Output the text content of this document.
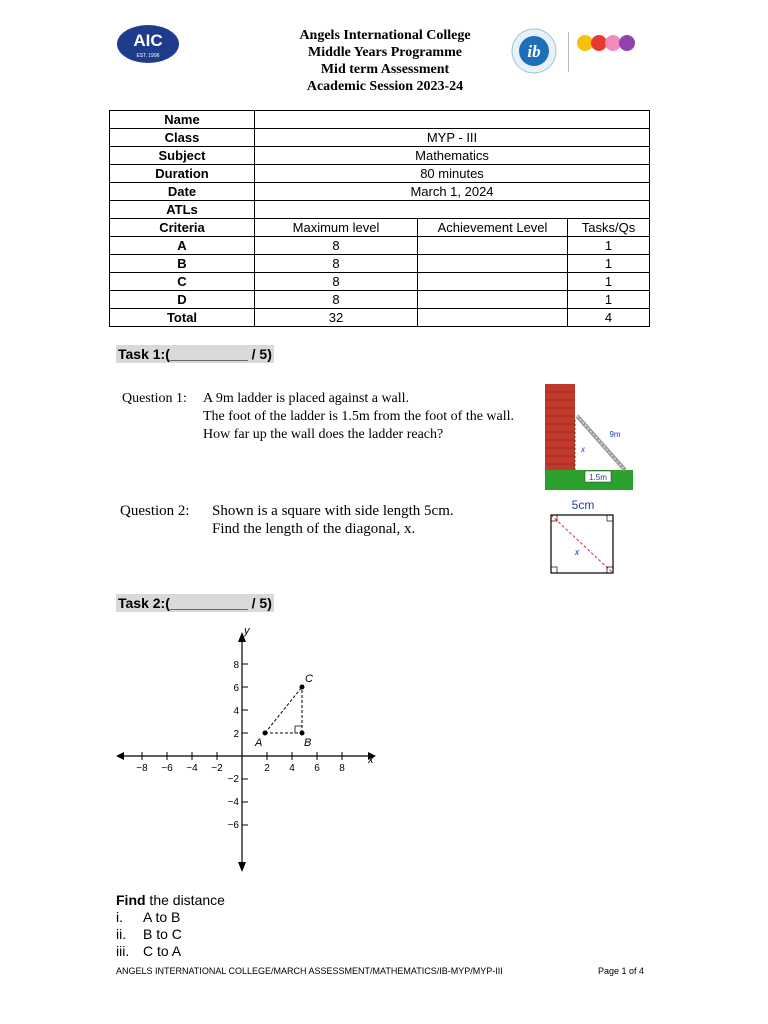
AIC
EST. 1996
Angels International College
Middle Years Programme
Mid term Assessment
Academic Session 2023-24
ib
Name			
Class	MYP - III		
Subject	Mathematics		
Duration	80 minutes		
Date	March 1, 2024		
ATLs			
Criteria	Maximum level	Achievement Level	Tasks/Qs
A	8		1
B	8		1
C	8		1
D	8		1
Total	32		4
Task 1:(__________ / 5)
Question 1: A 9m ladder is placed against a wall.
The foot of the ladder is 1.5m from the foot of the wall.
How far up the wall does the ladder reach?
1.5m
9m
x
Question 2: Shown is a square with side length 5cm.
Find the length of the diagonal, x.
5cm
x
Task 2:(__________ / 5)
y
x
−8 −6 −4 −2	2 4 6 8
8
6
4
2
−2
−4
−6
A	B
C
Find the distance
i. A to B
ii. B to C
iii. C to A
ANGELS INTERNATIONAL COLLEGE/MARCH ASSESSMENT/MATHEMATICS/IB-MYP/MYP-III	Page 1 of 4
